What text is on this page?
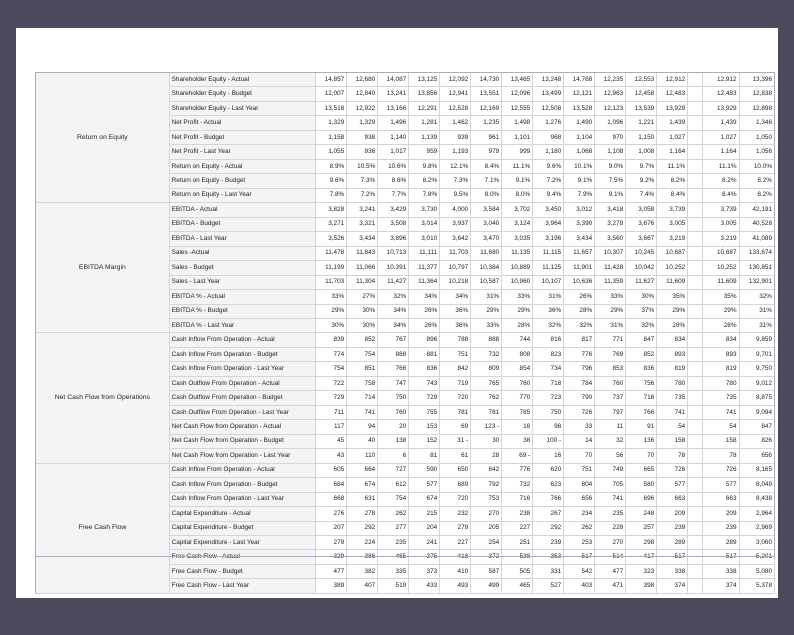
Return on Equity	Shareholder Equity - Actual	14,857	12,680	14,087	13,125	12,092	14,730	13,465	13,248	14,768	12,235	12,553	12,912		12,912	13,396
	Shareholder Equity - Budget	12,007	12,840	13,241	13,856	12,941	13,551	12,096	13,499	12,121	12,963	12,458	12,483		12,483	12,838
	Shareholder Equity - Last Year	13,518	12,922	13,166	12,291	12,528	12,169	12,555	12,508	13,528	12,123	13,539	13,929		13,929	12,898
	Net Profit - Actual	1,329	1,329	1,496	1,281	1,462	1,235	1,498	1,276	1,490	1,096	1,221	1,439		1,439	1,346
	Net Profit - Budget	1,158	938	1,140	1,139	939	961	1,101	968	1,104	970	1,150	1,027		1,027	1,050
	Net Profit - Last Year	1,055	936	1,017	959	1,193	979	999	1,180	1,068	1,108	1,008	1,164		1,164	1,056
	Return on Equity - Actual	8.9%	10.5%	10.6%	9.8%	12.1%	8.4%	11.1%	9.6%	10.1%	9.0%	9.7%	11.1%		11.1%	10.0%
	Return on Equity - Budget	9.6%	7.3%	8.6%	8.2%	7.3%	7.1%	9.1%	7.2%	9.1%	7.5%	9.2%	8.2%		8.2%	8.2%
	Return on Equity - Last Year	7.8%	7.2%	7.7%	7.8%	9.5%	8.0%	8.0%	9.4%	7.9%	9.1%	7.4%	8.4%		8.4%	8.2%
EBITDA Margin	EBITDA - Actual	3,828	3,241	3,429	3,730	4,000	3,584	3,702	3,450	3,012	3,418	3,058	3,739		3,739	42,191
	EBITDA - Budget	3,271	3,321	3,508	3,014	3,937	3,040	3,124	3,964	3,390	3,278	3,676	3,005		3,005	40,528
	EBITDA - Last Year	3,526	3,434	3,896	3,010	3,642	3,470	3,035	3,196	3,434	3,560	3,667	3,219		3,219	41,089
	Sales -Actual	11,478	11,843	10,713	11,111	11,703	11,680	11,135	11,115	11,657	10,307	10,245	10,687		10,687	133,674
	Sales - Budget	11,199	11,066	10,391	11,377	10,797	10,384	10,889	11,125	11,901	11,428	10,042	10,252		10,252	130,851
	Sales - Last Year	11,703	11,304	11,427	11,364	10,218	10,587	10,960	10,107	10,636	11,359	11,627	11,609		11,609	132,901
	EBITDA % - Actual	33%	27%	32%	34%	34%	31%	33%	31%	26%	33%	30%	35%		35%	32%
	EBITDA % - Budget	29%	30%	34%	26%	36%	29%	29%	36%	28%	29%	37%	29%		29%	31%
	EBITDA % - Last Year	30%	30%	34%	26%	36%	33%	28%	32%	32%	31%	32%	28%		28%	31%
Net Cash Flow from Operations	Cash Inflow From Operation - Actual	839	852	767	896	788	888	744	816	817	771	847	834		834	9,859
	Cash Inflow From Operation - Budget	774	754	888	881	751	732	808	823	776	769	852	893		893	9,701
	Cash Inflow From Operation - Last Year	754	851	766	836	842	809	854	734	796	853	836	819		819	9,750
	Cash Outflow From Operation - Actual	722	758	747	743	719	765	760	718	784	760	756	780		780	9,012
	Cash Outflow From Operation - Budget	729	714	750	729	720	762	770	723	790	737	716	735		735	8,875
	Cash Outflow From Operation - Last Year	711	741	760	755	781	781	785	750	726	797	766	741		741	9,094
	Net Cash Flow from Operation - Actual	117	94	20	153	69	123 -	16	98	33	11	91	54		54	847
	Net Cash Flow from Operation - Budget	45	40	138	152	31 -	30	38	100 -	14	32	136	158		158	826
	Net Cash Flow from Operation - Last Year	43	110	6	81	61	28	69 -	16	70	56	70	78		78	656
Free Cash Flow	Cash Inflow From Operation - Actual	605	664	727	590	650	642	776	620	751	749	665	726		726	8,165
	Cash Inflow From Operation - Budget	684	674	612	577	689	792	732	623	804	705	580	577		577	8,049
	Cash Inflow From Operation - Last Year	668	631	754	674	720	753	716	766	656	741	696	663		663	8,438
	Capital Expenditure - Actual	276	278	262	215	232	270	238	267	234	235	248	209		209	2,964
	Capital Expenditure - Budget	207	292	277	204	279	205	227	292	262	228	257	239		239	2,969
	Capital Expenditure - Last Year	279	224	235	241	227	254	251	239	253	270	298	289		289	3,060
	Free Cash Flow - Actual	329	386	465	375	418	372	538	353	517	514	417	517		517	5,201
	Free Cash Flow - Budget	477	382	335	373	410	587	505	331	542	477	323	338		338	5,080
	Free Cash Flow - Last Year	389	407	519	433	493	499	465	527	403	471	398	374		374	5,378
